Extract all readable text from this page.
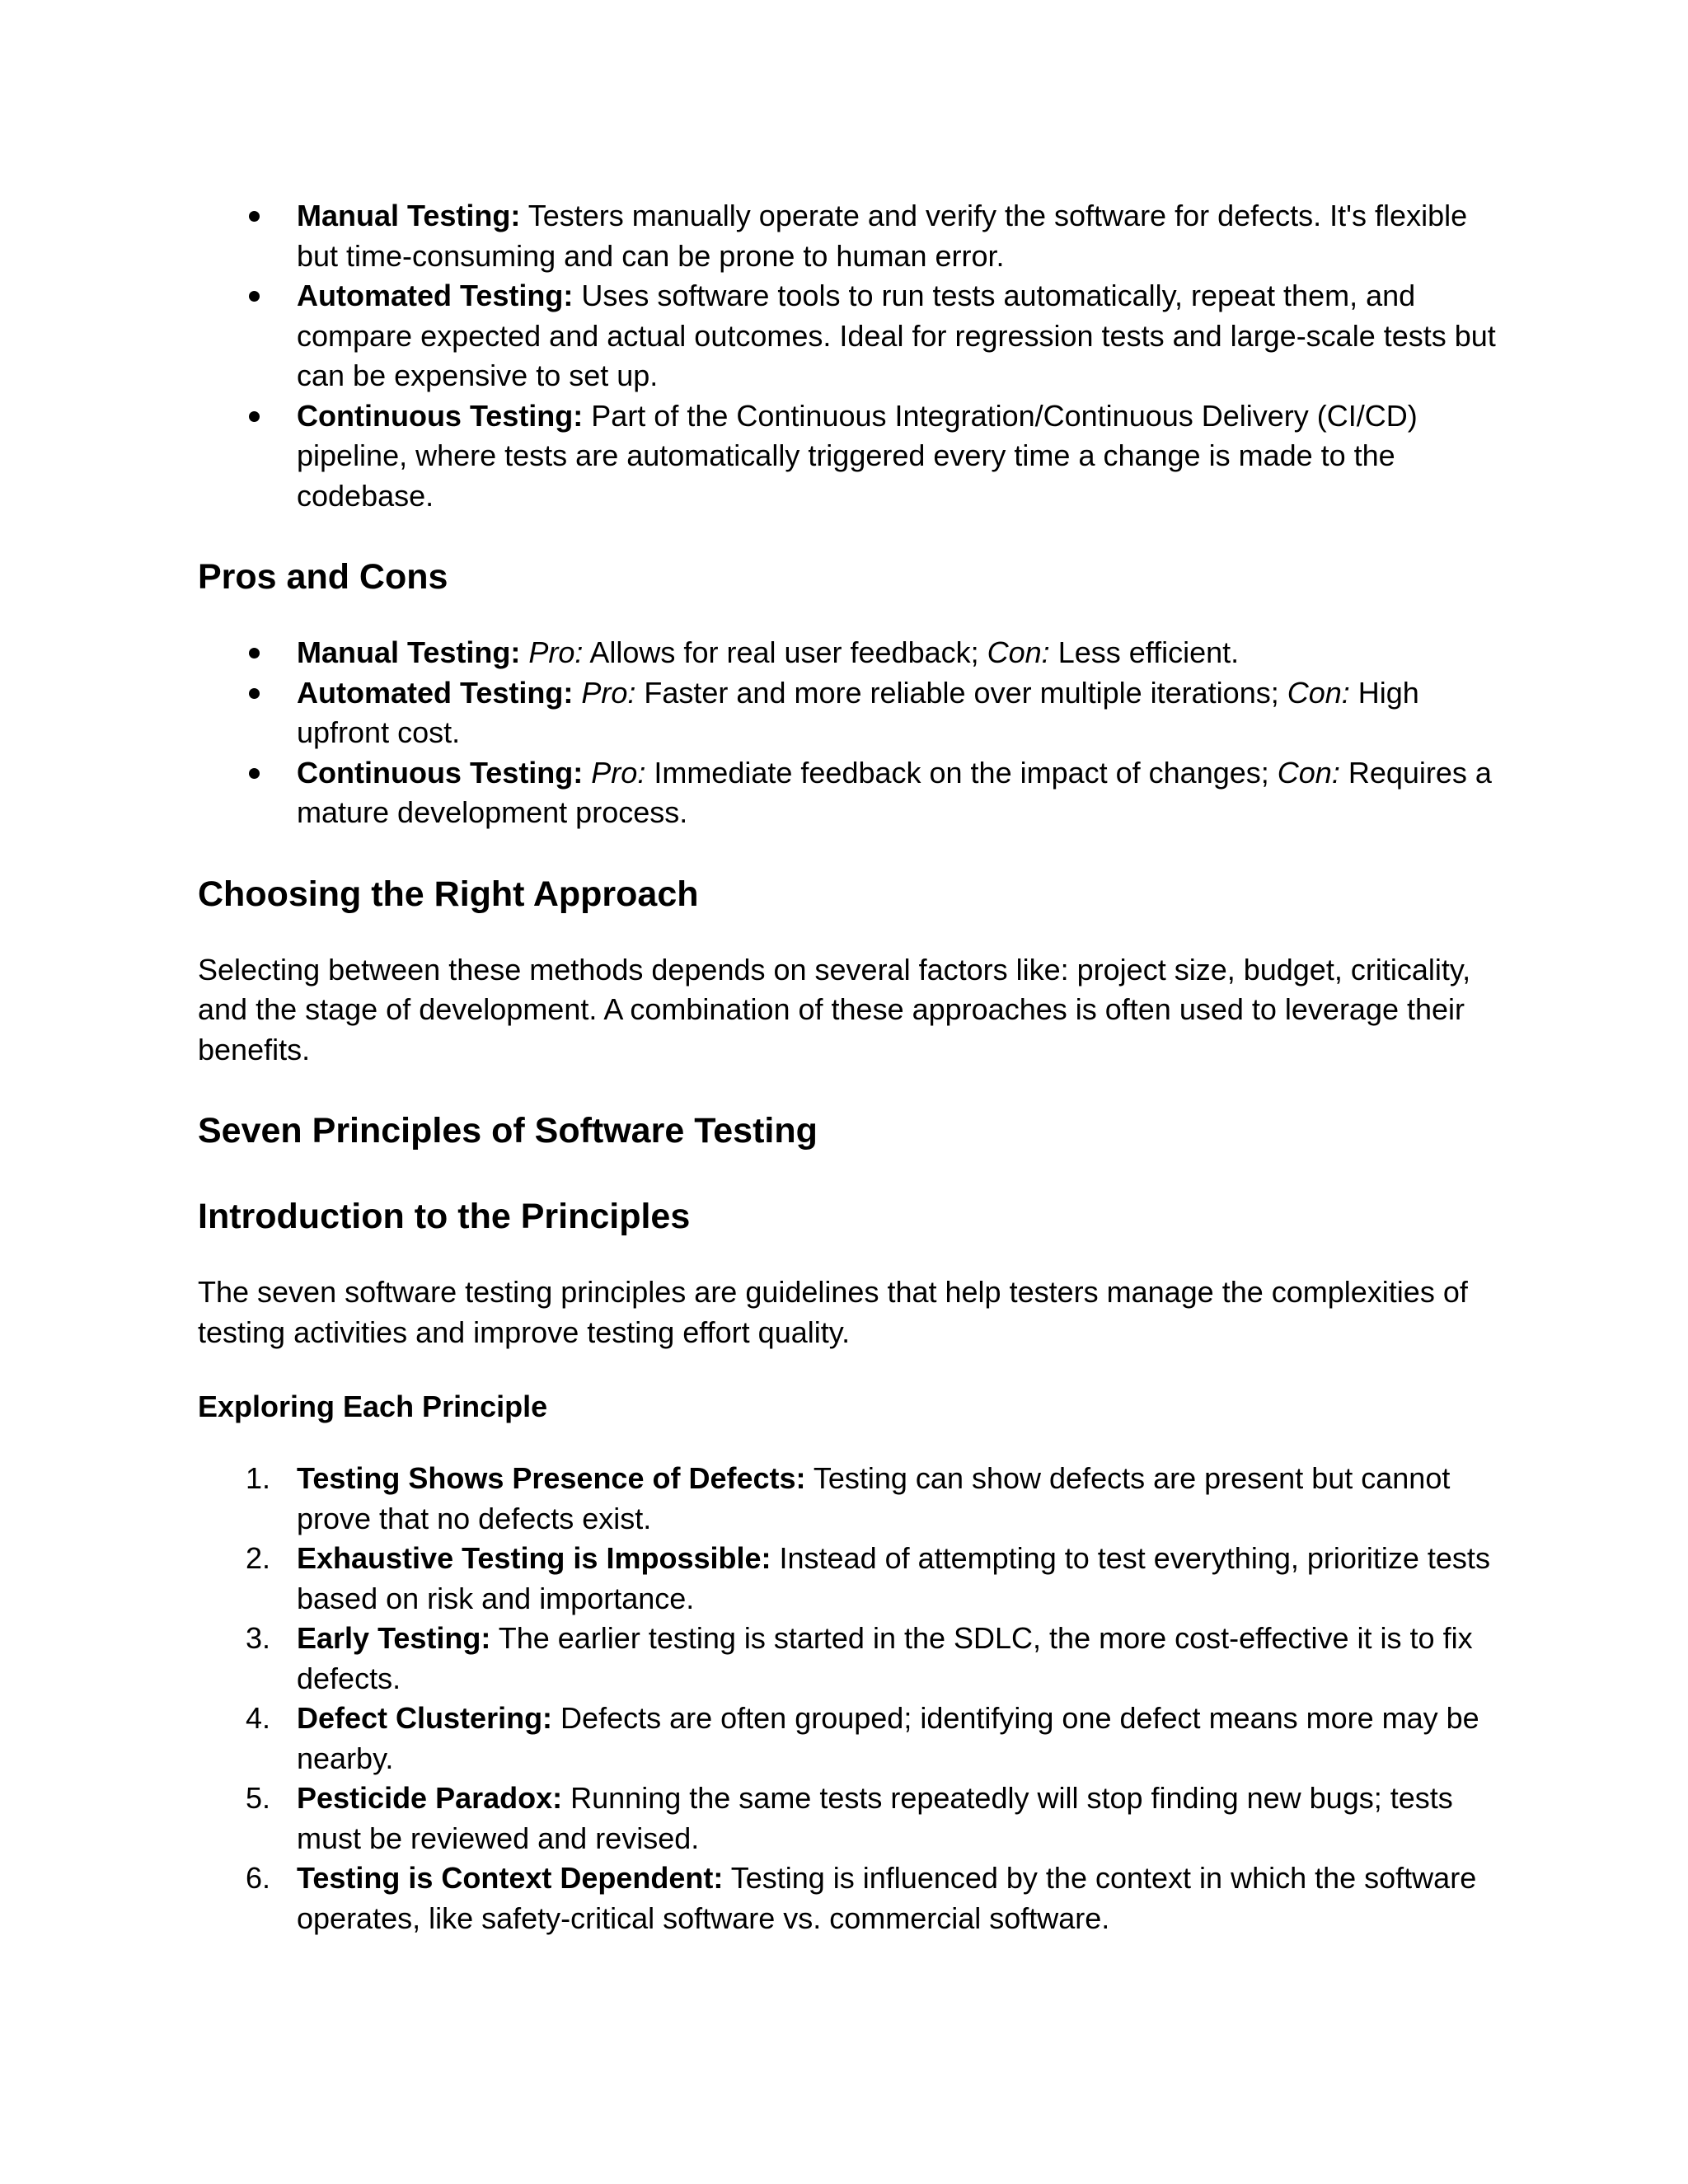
Manual Testing: Testers manually operate and verify the software for defects. It's flexible but time-consuming and can be prone to human error.
Automated Testing: Uses software tools to run tests automatically, repeat them, and compare expected and actual outcomes. Ideal for regression tests and large-scale tests but can be expensive to set up.
Continuous Testing: Part of the Continuous Integration/Continuous Delivery (CI/CD) pipeline, where tests are automatically triggered every time a change is made to the codebase.
Pros and Cons
Manual Testing: Pro: Allows for real user feedback; Con: Less efficient.
Automated Testing: Pro: Faster and more reliable over multiple iterations; Con: High upfront cost.
Continuous Testing: Pro: Immediate feedback on the impact of changes; Con: Requires a mature development process.
Choosing the Right Approach

Selecting between these methods depends on several factors like: project size, budget, criticality, and the stage of development. A combination of these approaches is often used to leverage their benefits.

Seven Principles of Software Testing
Introduction to the Principles

The seven software testing principles are guidelines that help testers manage the complexities of testing activities and improve testing effort quality.

Exploring Each Principle
1. Testing Shows Presence of Defects: Testing can show defects are present but cannot prove that no defects exist.
2. Exhaustive Testing is Impossible: Instead of attempting to test everything, prioritize tests based on risk and importance.
3. Early Testing: The earlier testing is started in the SDLC, the more cost-effective it is to fix defects.
4. Defect Clustering: Defects are often grouped; identifying one defect means more may be nearby.
5. Pesticide Paradox: Running the same tests repeatedly will stop finding new bugs; tests must be reviewed and revised.
6. Testing is Context Dependent: Testing is influenced by the context in which the software operates, like safety-critical software vs. commercial software.
